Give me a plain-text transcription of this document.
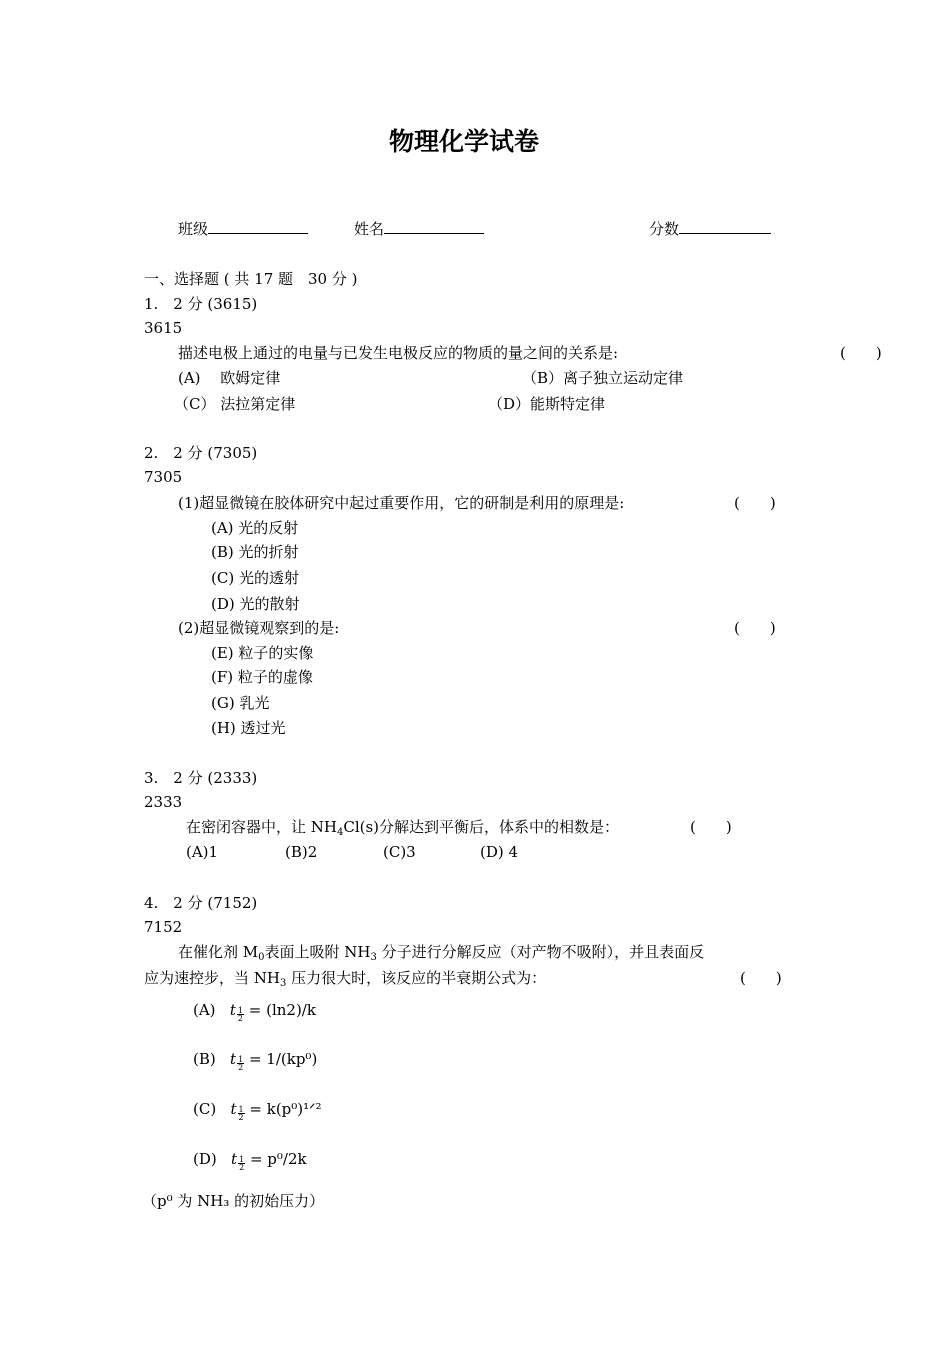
物理化学试卷
班级	姓名	分数
一、选择题 ( 共 17 题　30 分 )
1.　2 分 (3615)
3615
描述电极上通过的电量与已发生电极反应的物质的量之间的关系是:	(　　)
(A)　 欧姆定律	（B）离子独立运动定律
（C） 法拉第定律	（D）能斯特定律
2.　2 分 (7305)
7305
(1)超显微镜在胶体研究中起过重要作用，它的研制是利用的原理是:	(　　)
(A) 光的反射
(B) 光的折射
(C) 光的透射
(D) 光的散射
(2)超显微镜观察到的是:	(　　)
(E) 粒子的实像
(F) 粒子的虚像
(G) 乳光
(H) 透过光
3.　2 分 (2333)
2333
在密闭容器中，让 $NH_4Cl(s)$分解达到平衡后，体系中的相数是：	(　　)
(A)1	(B)2	(C)3	(D) 4
4.　2 分 (7152)
7152
在催化剂 $M_0$表面上吸附 $NH_3$ 分子进行分解反应（对产物不吸附），并且表面反
应为速控步，当 $NH_3$ 压力很大时，该反应的半衰期公式为：	(　　)
(A) t $\frac{1}{2} = (\ln 2)/k$
(B) t $\frac{1}{2} = 1/(kp^0)$
(C) t $\frac{1}{2}$ = k(p⁰)¹ᐟ²
(D) t $\frac{1}{2} = p^0/2k$
（p⁰ 为 NH₃ 的初始压力）
